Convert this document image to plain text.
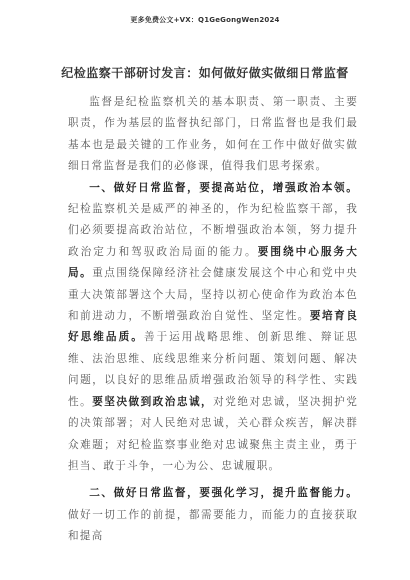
更多免费公文+VX：Q1GeGongWen2024
纪检监察干部研讨发言：如何做好做实做细日常监督

监督是纪检监察机关的基本职责、第一职责、主要职责，作为基层的监督执纪部门，日常监督也是我们最基本也是最关键的工作业务，如何在工作中做好做实做细日常监督是我们的必修课，值得我们思考探索。

一、做好日常监督，要提高站位，增强政治本领。纪检监察机关是威严的神圣的，作为纪检监察干部，我们必须要提高政治站位，不断增强政治本领，努力提升政治定力和驾驭政治局面的能力。要围绕中心服务大局。重点围绕保障经济社会健康发展这个中心和党中央重大决策部署这个大局，坚持以初心使命作为政治本色和前进动力，不断增强政治自觉性、坚定性。要培育良好思维品质。善于运用战略思维、创新思维、辩证思维、法治思维、底线思维来分析问题、策划问题、解决问题，以良好的思维品质增强政治领导的科学性、实践性。要坚决做到政治忠诚，对党绝对忠诚，坚决拥护党的决策部署；对人民绝对忠诚，关心群众疾苦，解决群众难题；对纪检监察事业绝对忠诚聚焦主责主业，勇于担当、敢于斗争，一心为公、忠诚履职。

二、做好日常监督，要强化学习，提升监督能力。做好一切工作的前提，都需要能力，而能力的直接获取和提高
